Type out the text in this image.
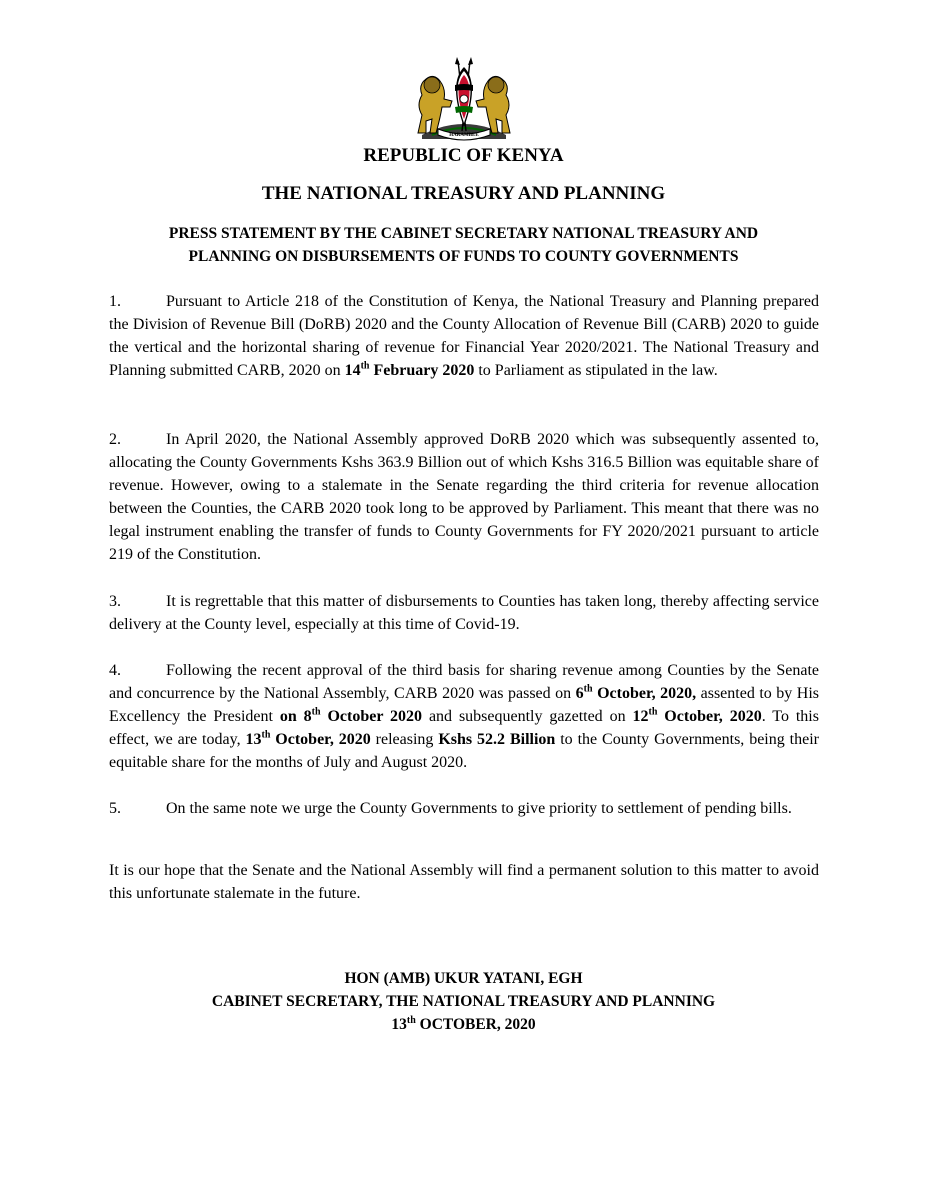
HARAMBEE
REPUBLIC OF KENYA
THE NATIONAL TREASURY AND PLANNING
PRESS STATEMENT BY THE CABINET SECRETARY NATIONAL TREASURY AND
PLANNING ON DISBURSEMENTS OF FUNDS TO COUNTY GOVERNMENTS
1.	Pursuant to Article 218 of the Constitution of Kenya, the National Treasury and Planning prepared the Division of Revenue Bill (DoRB) 2020 and the County Allocation of Revenue Bill (CARB) 2020 to guide the vertical and the horizontal sharing of revenue for Financial Year 2020/2021. The National Treasury and Planning submitted CARB, 2020 on 14th February 2020 to Parliament as stipulated in the law.
2.	In April 2020, the National Assembly approved DoRB 2020 which was subsequently assented to, allocating the County Governments Kshs 363.9 Billion out of which Kshs 316.5 Billion was equitable share of revenue. However, owing to a stalemate in the Senate regarding the third criteria for revenue allocation between the Counties, the CARB 2020 took long to be approved by Parliament. This meant that there was no legal instrument enabling the transfer of funds to County Governments for FY 2020/2021 pursuant to article 219 of the Constitution.
3.	It is regrettable that this matter of disbursements to Counties has taken long, thereby affecting service delivery at the County level, especially at this time of Covid-19.
4.	Following the recent approval of the third basis for sharing revenue among Counties by the Senate and concurrence by the National Assembly, CARB 2020 was passed on 6th October, 2020, assented to by His Excellency the President on 8th October 2020 and subsequently gazetted on 12th October, 2020. To this effect, we are today, 13th October, 2020 releasing Kshs 52.2 Billion to the County Governments, being their equitable share for the months of July and August 2020.
5.	On the same note we urge the County Governments to give priority to settlement of pending bills.
It is our hope that the Senate and the National Assembly will find a permanent solution to this matter to avoid this unfortunate stalemate in the future.
HON (AMB) UKUR YATANI, EGH
CABINET SECRETARY, THE NATIONAL TREASURY AND PLANNING
13th OCTOBER, 2020
